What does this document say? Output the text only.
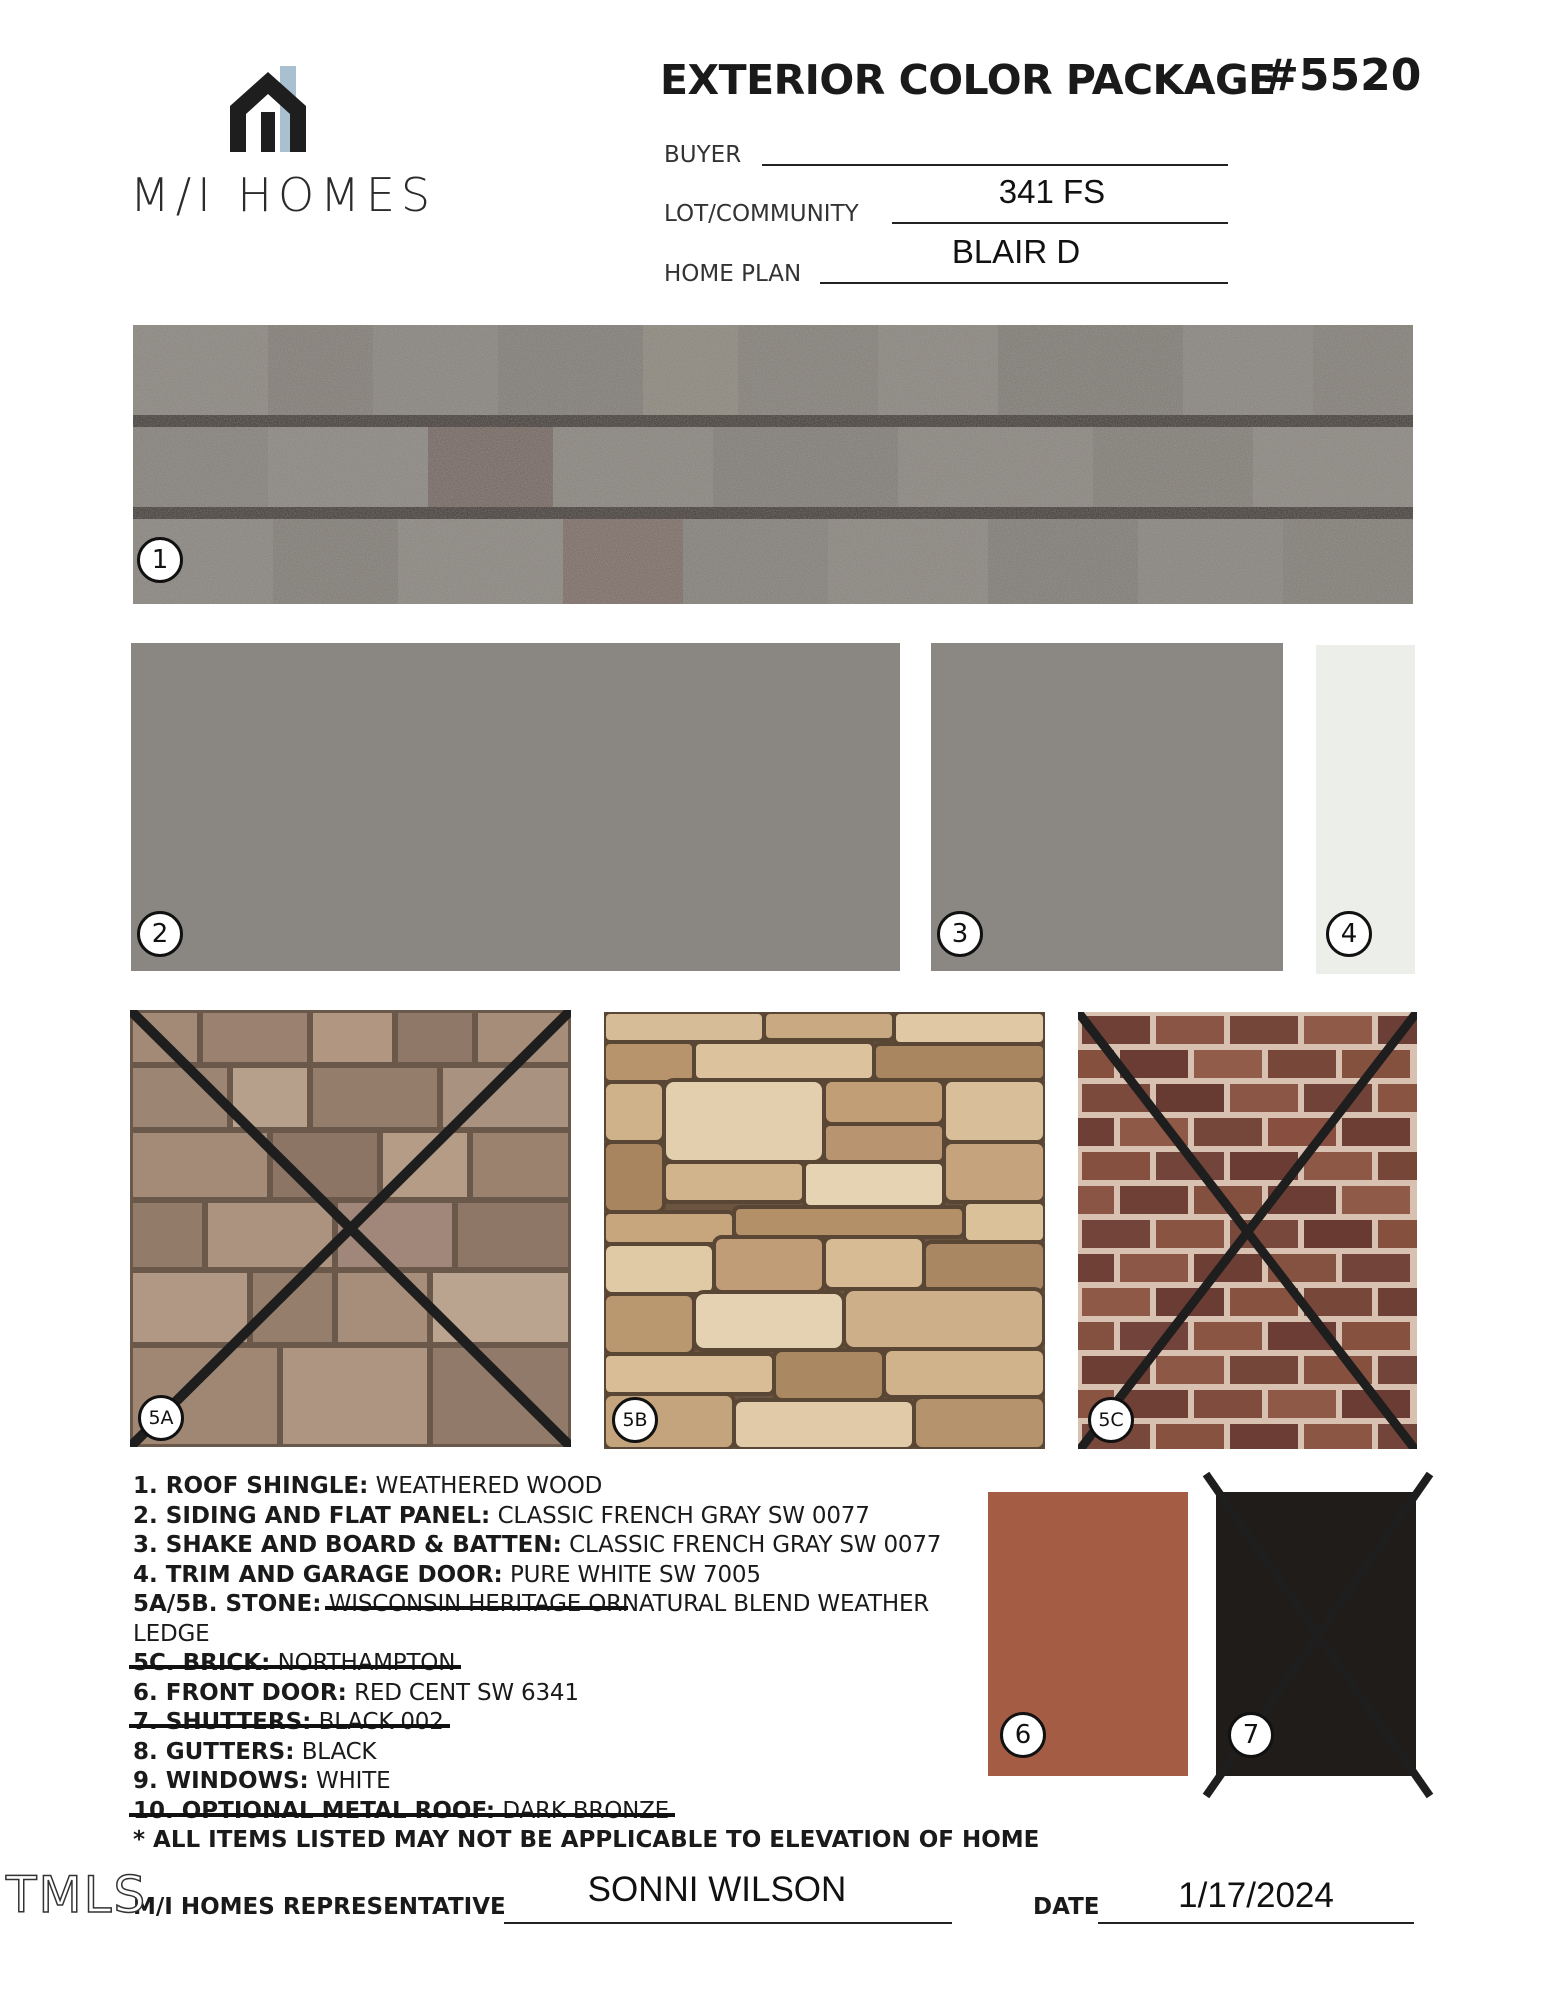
M/I HOMES
EXTERIOR COLOR PACKAGE
#5520
BUYER
LOT/COMMUNITY
341 FS
HOME PLAN
BLAIR D
1
2	3	4
5A	5B	5C
1. ROOF SHINGLE: WEATHERED WOOD
2. SIDING AND FLAT PANEL: CLASSIC FRENCH GRAY SW 0077
3. SHAKE AND BOARD & BATTEN: CLASSIC FRENCH GRAY SW 0077
4. TRIM AND GARAGE DOOR: PURE WHITE SW 7005
5A/5B. STONE: WISCONSIN HERITAGE ORNATURAL BLEND WEATHER
LEDGE
5C. BRICK: NORTHAMPTON
6. FRONT DOOR: RED CENT SW 6341
7. SHUTTERS: BLACK 002
8. GUTTERS: BLACK
9. WINDOWS: WHITE
10. OPTIONAL METAL ROOF: DARK BRONZE
* ALL ITEMS LISTED MAY NOT BE APPLICABLE TO ELEVATION OF HOME
6	7
M/I HOMES REPRESENTATIVE	SONNI WILSON	DATE	1/17/2024
TMLS
